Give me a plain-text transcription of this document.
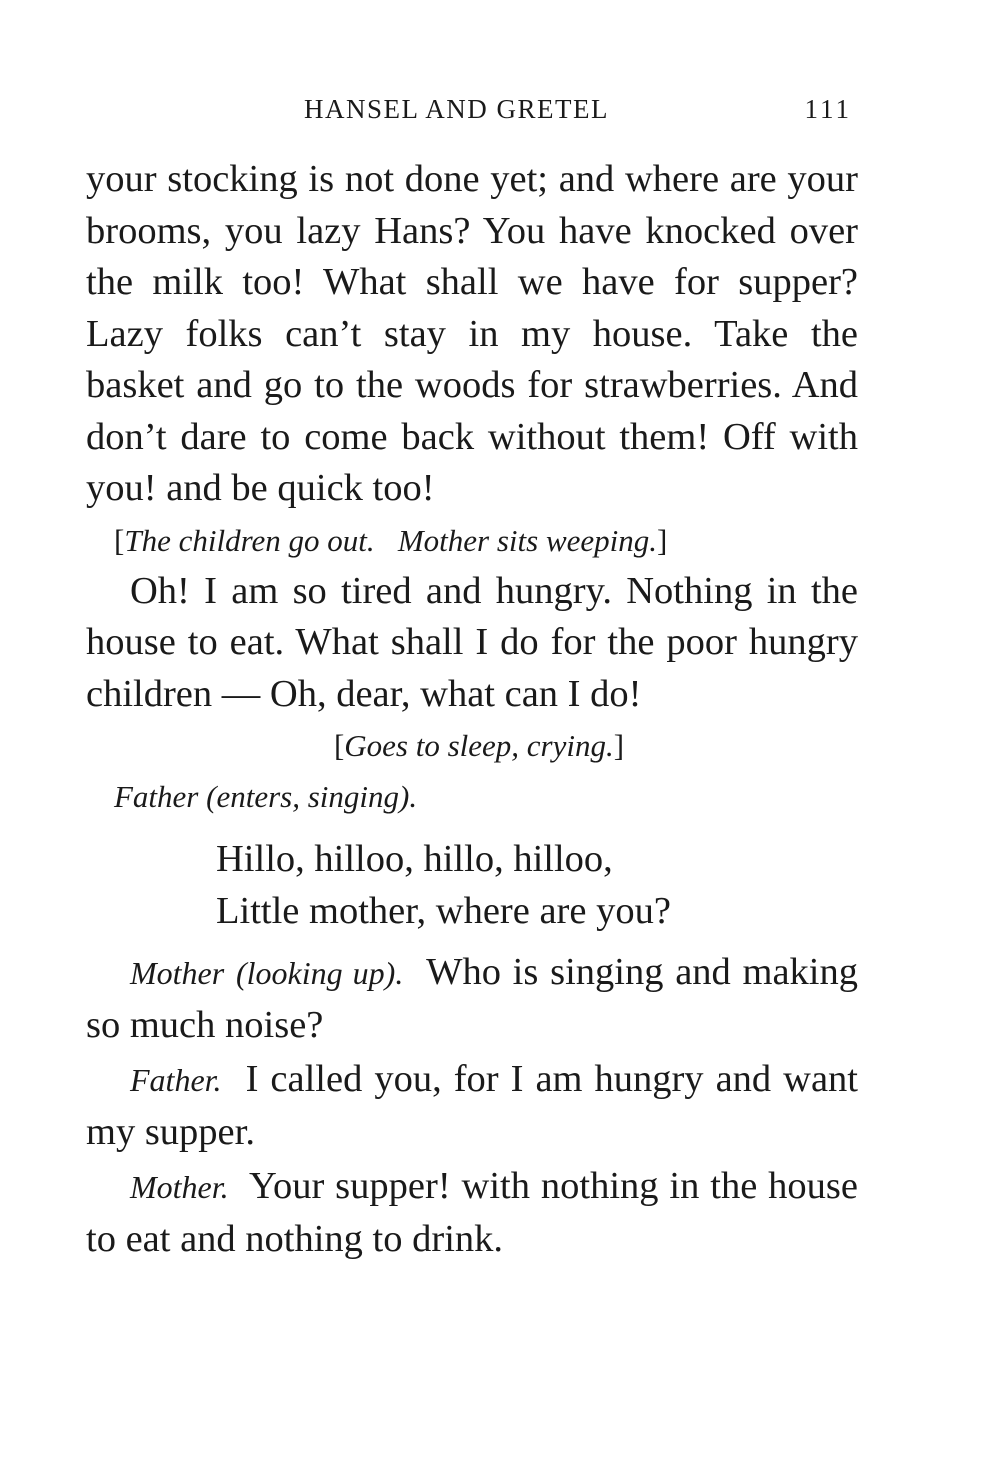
HANSEL AND GRETEL	111

your stocking is not done yet; and where are your brooms, you lazy Hans? You have knocked over the milk too! What shall we have for supper? Lazy folks can’t stay in my house. Take the basket and go to the woods for strawberries. And don’t dare to come back without them! Off with you! and be quick too!

[The children go out. Mother sits weeping.]

Oh! I am so tired and hungry. Nothing in the house to eat. What shall I do for the poor hungry children — Oh, dear, what can I do!

[Goes to sleep, crying.]

Father (enters, singing).

Hillo, hilloo, hillo, hilloo,
Little mother, where are you?

Mother (looking up). Who is singing and making so much noise?

Father. I called you, for I am hungry and want my supper.

Mother. Your supper! with nothing in the house to eat and nothing to drink.
